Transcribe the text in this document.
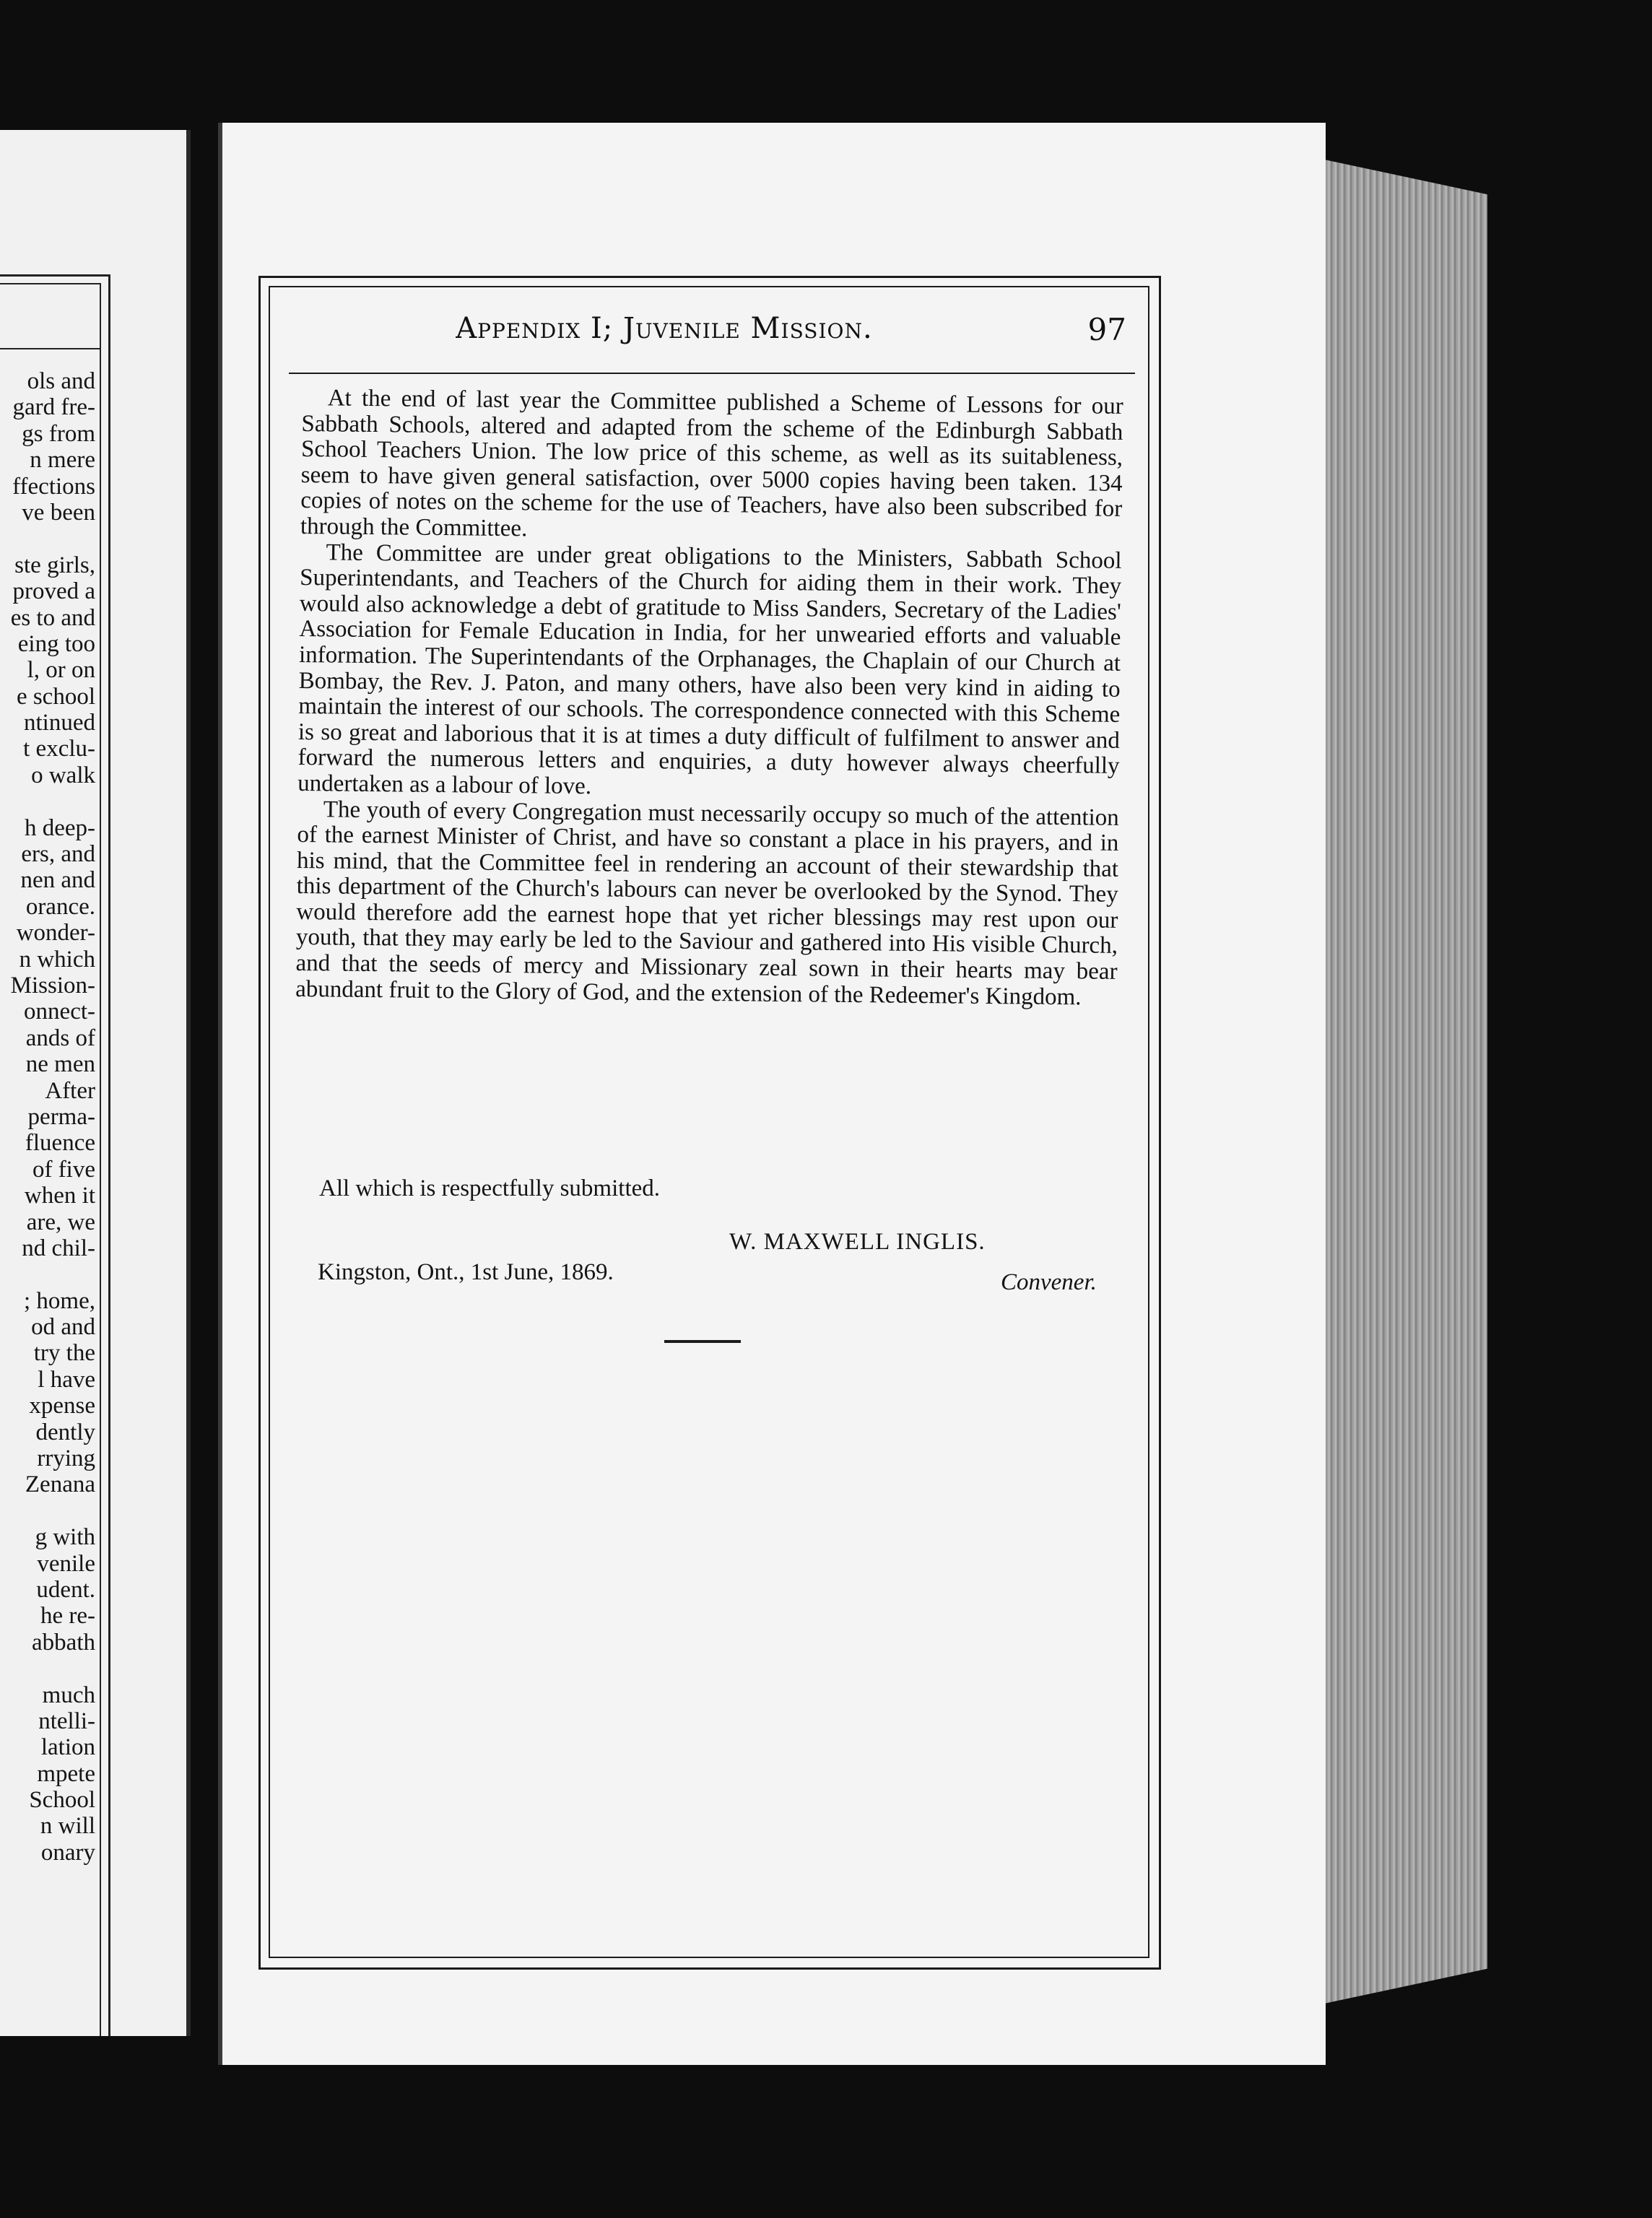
ols and
gard fre-
gs from
n mere
ffections
ve been
ste girls,
proved a
es to and
eing too
l, or on
e school
ntinued
t exclu-
o walk
h deep-
ers, and
nen and
orance.
wonder-
n which
Mission-
onnect-
ands of
ne men
After
perma-
fluence
of five
when it
are, we
nd chil-
; home,
od and
try the
l have
xpense
dently
rrying
Zenana
g with
venile
udent.
he re-
abbath
much
ntelli-
lation
mpete
School
n will
onary
Appendix I; Juvenile Mission.	97

At the end of last year the Committee published a Scheme of Lessons for our Sabbath Schools, altered and adapted from the scheme of the Edinburgh Sabbath School Teachers Union. The low price of this scheme, as well as its suitableness, seem to have given general satisfaction, over 5000 copies having been taken. 134 copies of notes on the scheme for the use of Teachers, have also been subscribed for through the Committee.

The Committee are under great obligations to the Ministers, Sabbath School Superintendants, and Teachers of the Church for aiding them in their work. They would also acknowledge a debt of gratitude to Miss Sanders, Secretary of the Ladies' Association for Female Education in India, for her unwearied efforts and valuable information. The Superintendants of the Orphanages, the Chaplain of our Church at Bombay, the Rev. J. Paton, and many others, have also been very kind in aiding to maintain the interest of our schools. The correspondence connected with this Scheme is so great and laborious that it is at times a duty difficult of fulfilment to answer and forward the numerous letters and enquiries, a duty however always cheerfully undertaken as a labour of love.

The youth of every Congregation must necessarily occupy so much of the attention of the earnest Minister of Christ, and have so constant a place in his prayers, and in his mind, that the Committee feel in rendering an account of their stewardship that this department of the Church's labours can never be overlooked by the Synod. They would therefore add the earnest hope that yet richer blessings may rest upon our youth, that they may early be led to the Saviour and gathered into His visible Church, and that the seeds of mercy and Missionary zeal sown in their hearts may bear abundant fruit to the Glory of God, and the extension of the Redeemer's Kingdom.

All which is respectfully submitted.
W. MAXWELL INGLIS.
Kingston, Ont., 1st June, 1869.	Convener.
